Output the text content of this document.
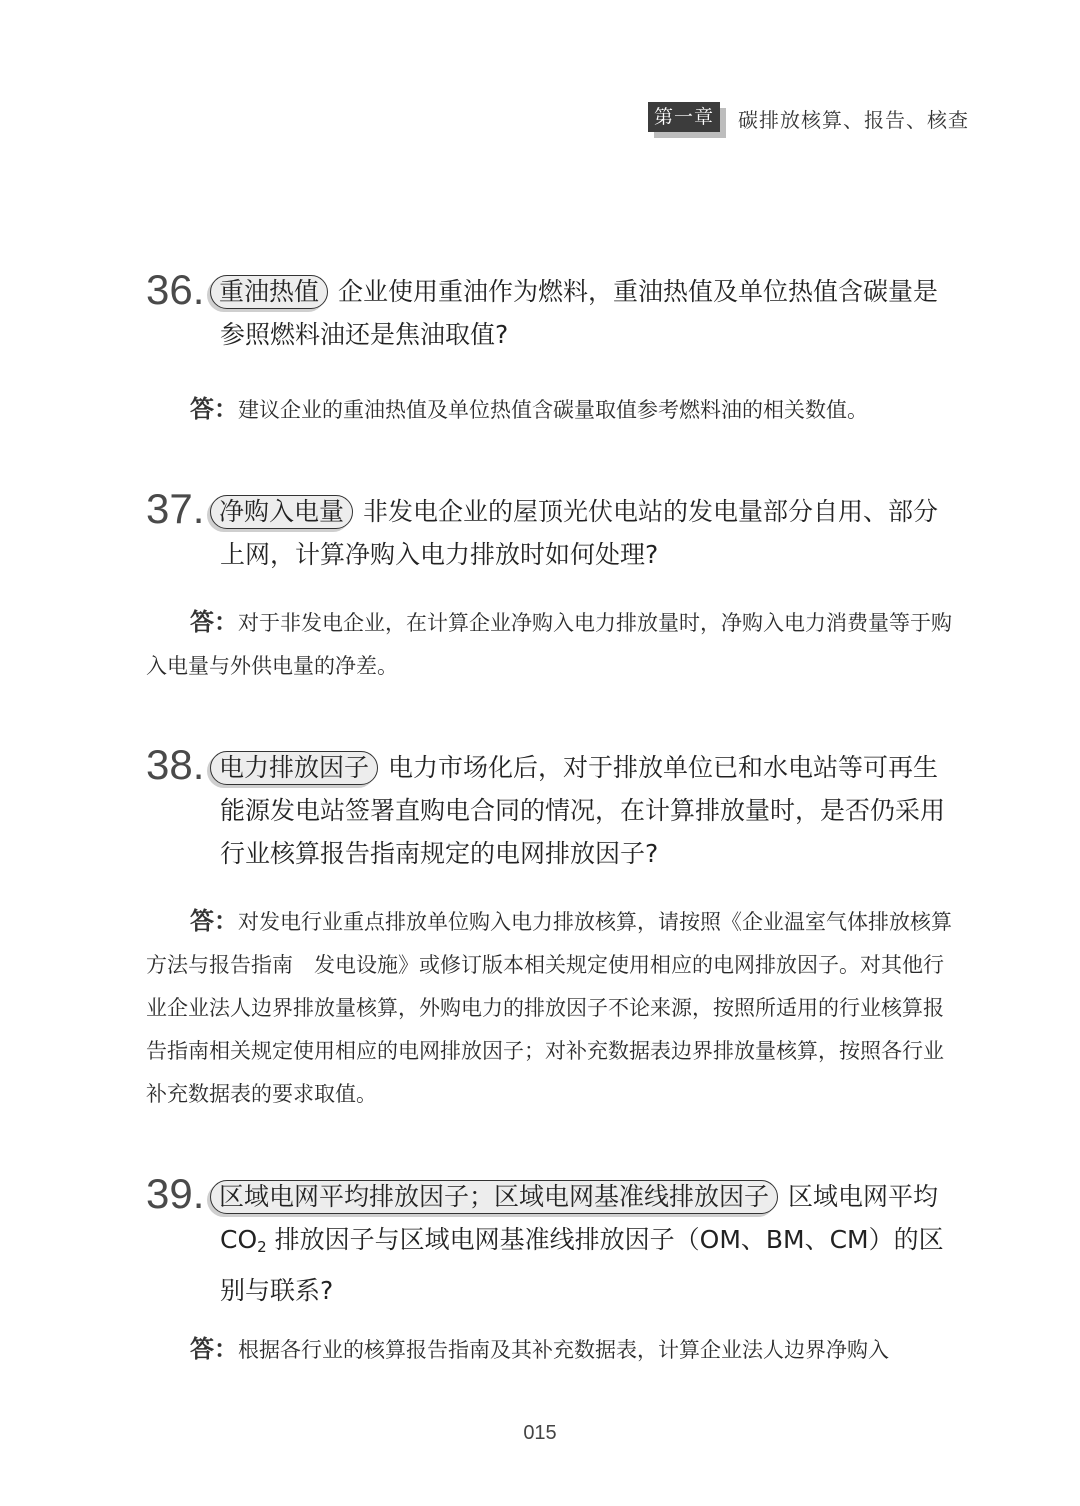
第一章	碳排放核算、报告、核查
36. 重油热值 企业使用重油作为燃料，重油热值及单位热值含碳量是参照燃料油还是焦油取值?
答：建议企业的重油热值及单位热值含碳量取值参考燃料油的相关数值。
37. 净购入电量 非发电企业的屋顶光伏电站的发电量部分自用、部分上网，计算净购入电力排放时如何处理?
答：对于非发电企业，在计算企业净购入电力排放量时，净购入电力消费量等于购入电量与外供电量的净差。
38. 电力排放因子 电力市场化后，对于排放单位已和水电站等可再生能源发电站签署直购电合同的情况，在计算排放量时，是否仍采用行业核算报告指南规定的电网排放因子?
答：对发电行业重点排放单位购入电力排放核算，请按照《企业温室气体排放核算方法与报告指南　发电设施》或修订版本相关规定使用相应的电网排放因子。对其他行业企业法人边界排放量核算，外购电力的排放因子不论来源，按照所适用的行业核算报告指南相关规定使用相应的电网排放因子；对补充数据表边界排放量核算，按照各行业补充数据表的要求取值。
39. 区域电网平均排放因子；区域电网基准线排放因子 区域电网平均 $CO_2$ 排放因子与区域电网基准线排放因子（OM、BM、CM）的区别与联系?
答：根据各行业的核算报告指南及其补充数据表，计算企业法人边界净购入
015
